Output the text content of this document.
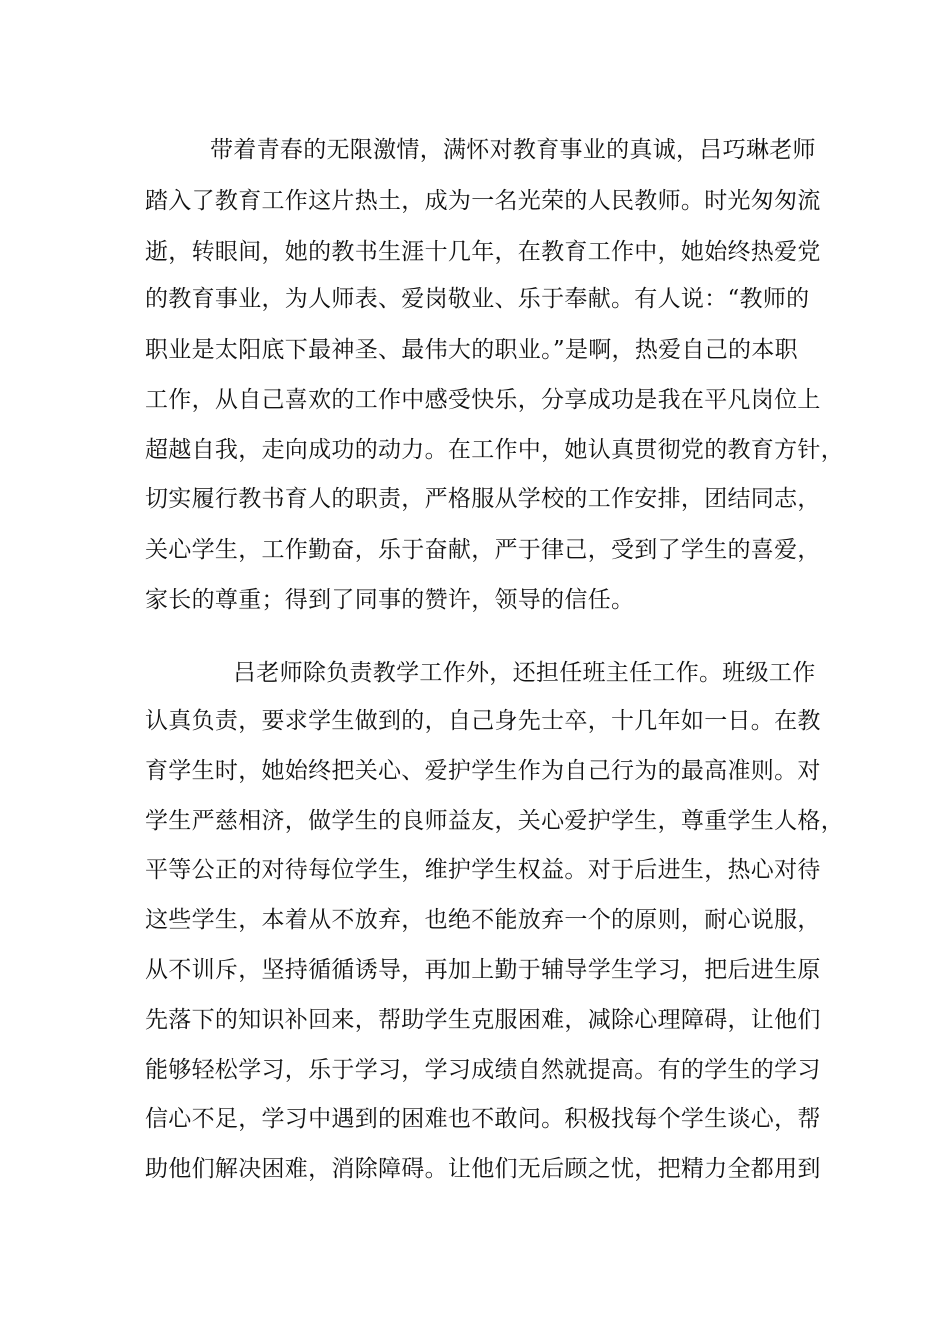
带着青春的无限激情，满怀对教育事业的真诚，吕巧琳老师
踏入了教育工作这片热土，成为一名光荣的人民教师。时光匆匆流
逝，转眼间，她的教书生涯十几年，在教育工作中，她始终热爱党
的教育事业，为人师表、爱岗敬业、乐于奉献。有人说：“教师的
职业是太阳底下最神圣、最伟大的职业。”是啊，热爱自己的本职
工作，从自己喜欢的工作中感受快乐，分享成功是我在平凡岗位上
超越自我，走向成功的动力。在工作中，她认真贯彻党的教育方针，
切实履行教书育人的职责，严格服从学校的工作安排，团结同志，
关心学生，工作勤奋，乐于奋献，严于律己，受到了学生的喜爱，
家长的尊重；得到了同事的赞许，领导的信任。
吕老师除负责教学工作外，还担任班主任工作。班级工作
认真负责，要求学生做到的，自己身先士卒，十几年如一日。在教
育学生时，她始终把关心、爱护学生作为自己行为的最高准则。对
学生严慈相济，做学生的良师益友，关心爱护学生，尊重学生人格，
平等公正的对待每位学生，维护学生权益。对于后进生，热心对待
这些学生，本着从不放弃，也绝不能放弃一个的原则，耐心说服，
从不训斥，坚持循循诱导，再加上勤于辅导学生学习，把后进生原
先落下的知识补回来，帮助学生克服困难，减除心理障碍，让他们
能够轻松学习，乐于学习，学习成绩自然就提高。有的学生的学习
信心不足，学习中遇到的困难也不敢问。积极找每个学生谈心，帮
助他们解决困难，消除障碍。让他们无后顾之忧，把精力全都用到
